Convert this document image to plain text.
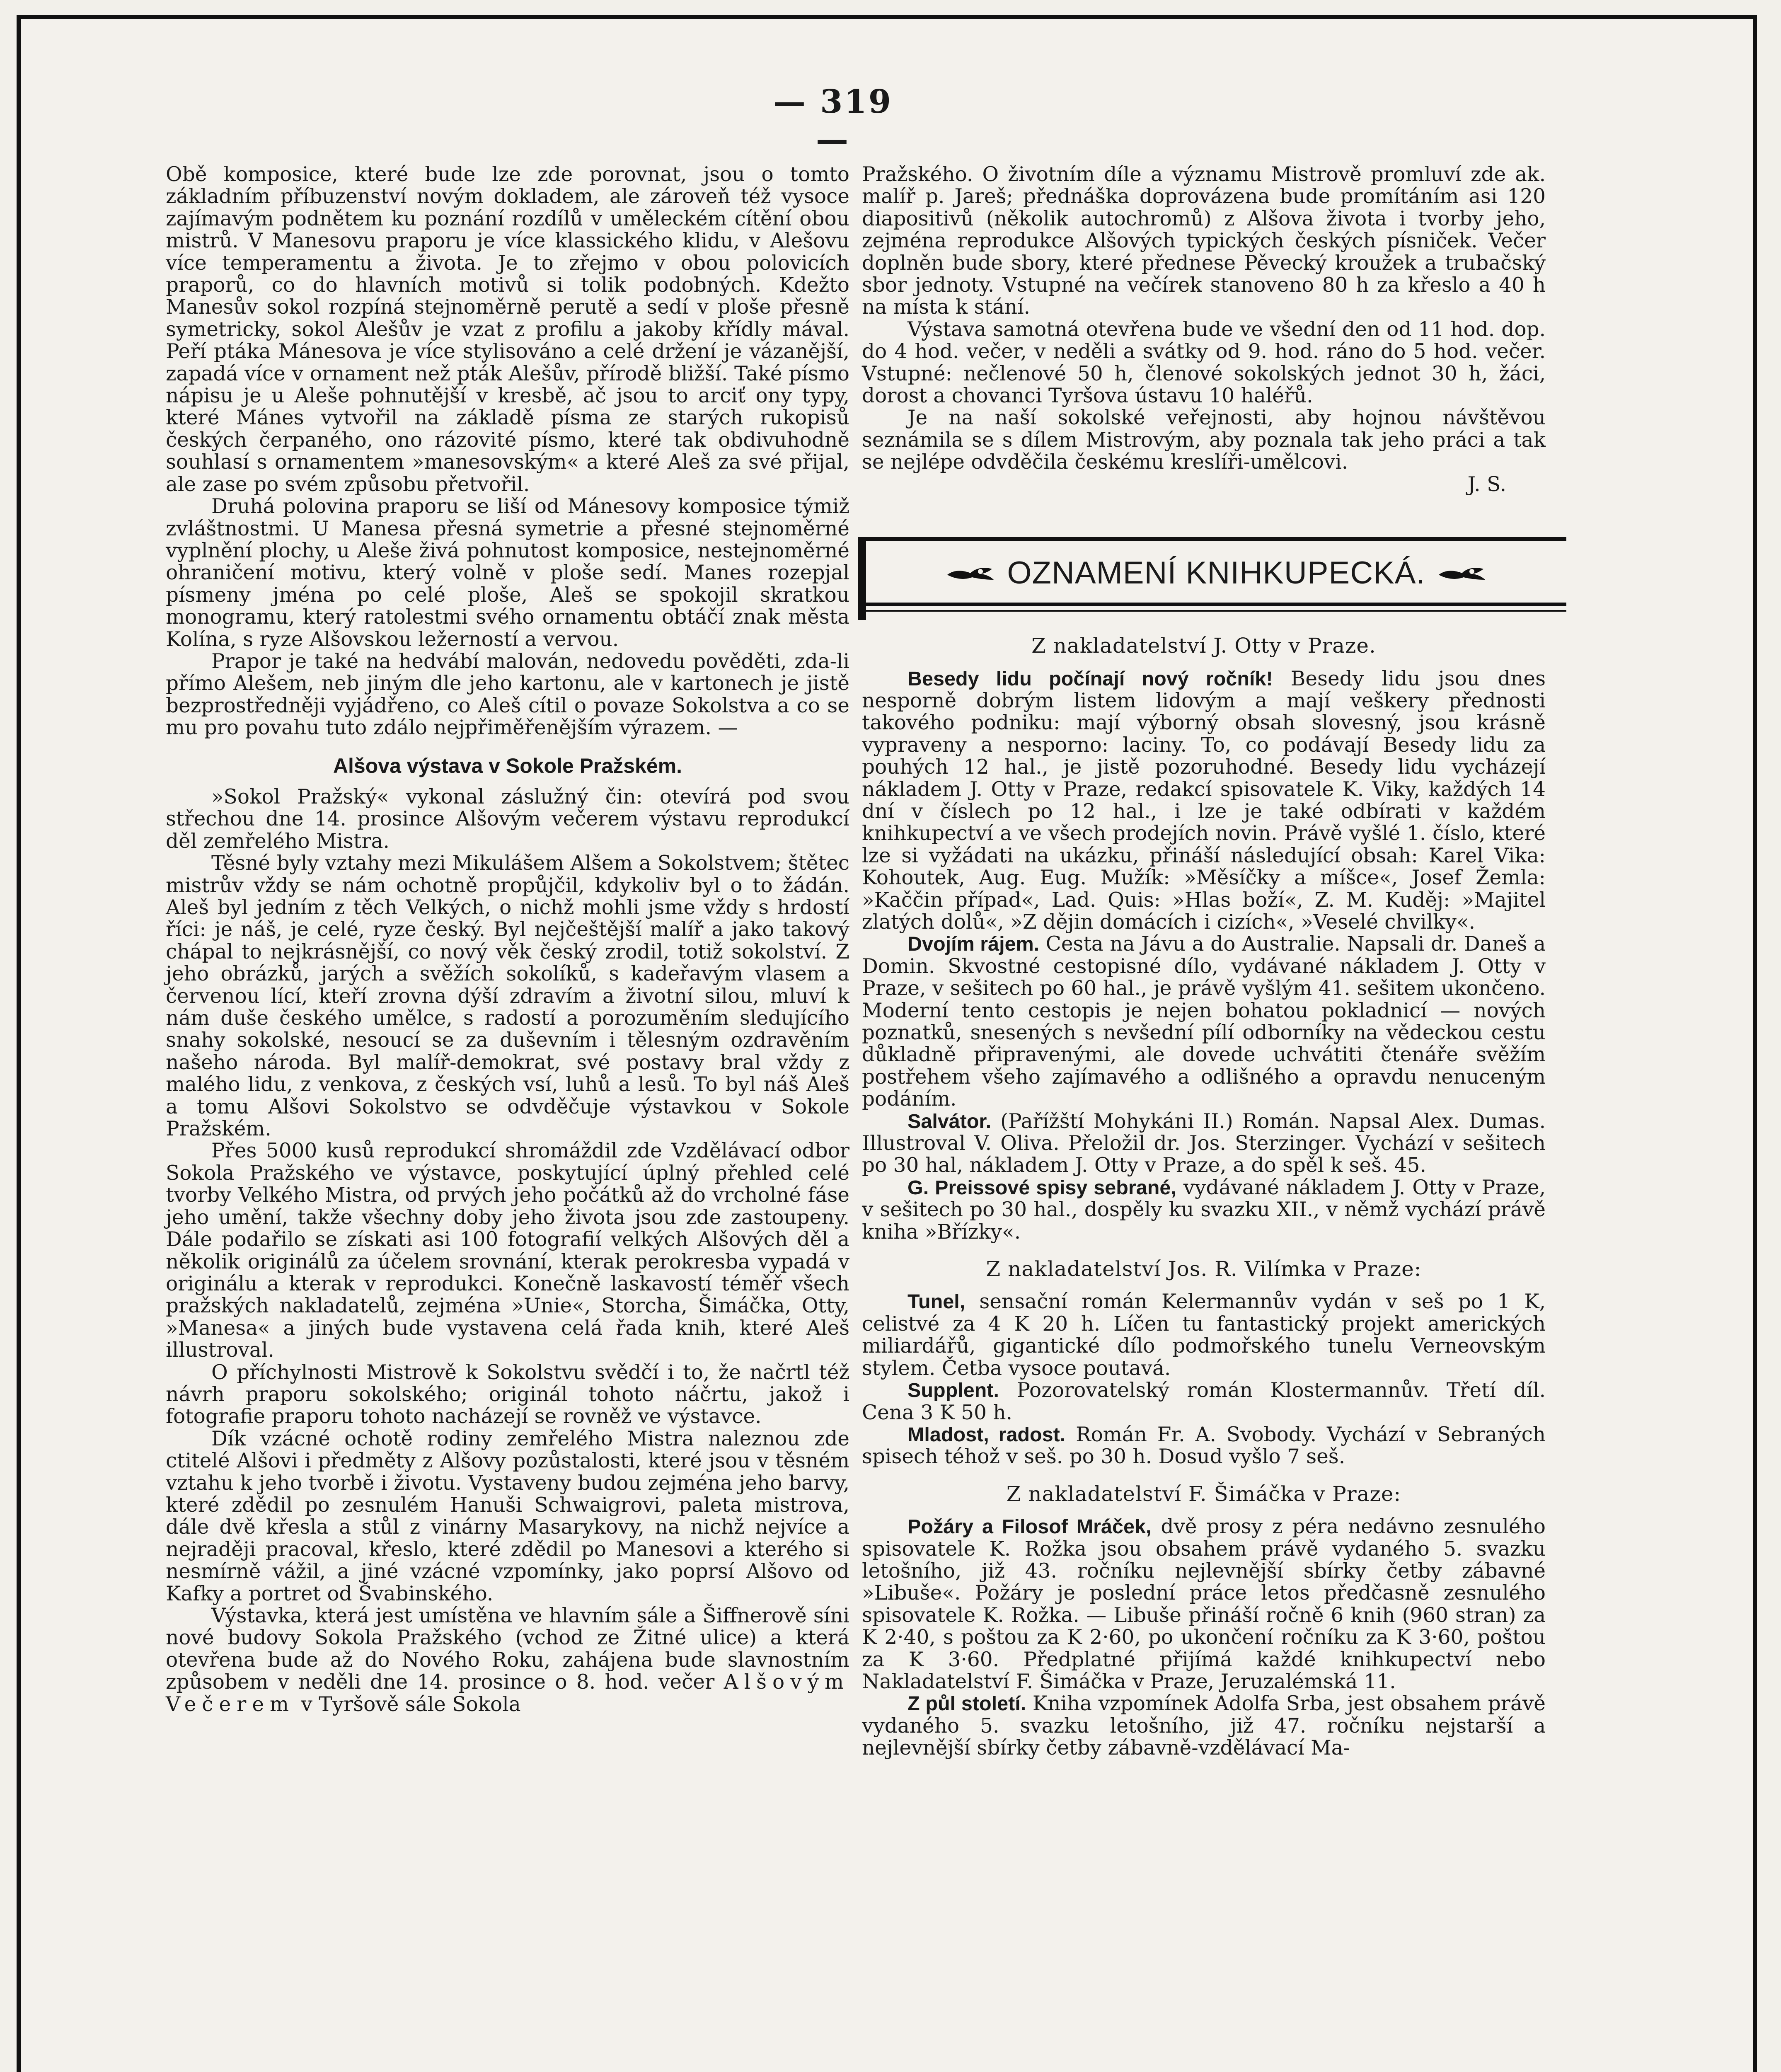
— 319 —

Obě komposice, které bude lze zde porovnat, jsou o tomto základním příbuzenství novým dokladem, ale zároveň též vysoce zajímavým podnětem ku poznání rozdílů v uměleckém cítění obou mistrů. V Manesovu praporu je více klassického klidu, v Alešovu více temperamentu a života. Je to zřejmo v obou polovicích praporů, co do hlavních motivů si tolik podobných. Kdežto Manesův sokol rozpíná stejnoměrně perutě a sedí v ploše přesně symetricky, sokol Alešův je vzat z profilu a jakoby křídly mával. Peří ptáka Mánesova je více stylisováno a celé držení je vázanější, zapadá více v ornament než pták Alešův, přírodě bližší. Také písmo nápisu je u Aleše pohnutější v kresbě, ač jsou to arciť ony typy, které Mánes vytvořil na základě písma ze starých rukopisů českých čerpaného, ono rázovité písmo, které tak obdivuhodně souhlasí s ornamentem »manesovským« a které Aleš za své přijal, ale zase po svém způsobu přetvořil.

Druhá polovina praporu se liší od Mánesovy komposice týmiž zvláštnostmi. U Manesa přesná symetrie a přesné stejnoměrné vyplnění plochy, u Aleše živá pohnutost komposice, nestejnoměrné ohraničení motivu, který volně v ploše sedí. Manes rozepjal písmeny jména po celé ploše, Aleš se spokojil skratkou monogramu, který ratolestmi svého ornamentu obtáčí znak města Kolína, s ryze Alšovskou ležerností a vervou.

Prapor je také na hedvábí malován, nedovedu pověděti, zda-li přímo Alešem, neb jiným dle jeho kartonu, ale v kartonech je jistě bezprostředněji vyjádřeno, co Aleš cítil o povaze Sokolstva a co se mu pro povahu tuto zdálo nejpřiměřenějším výrazem. —

Alšova výstava v Sokole Pražském.

»Sokol Pražský« vykonal záslužný čin: otevírá pod svou střechou dne 14. prosince Alšovým večerem výstavu reprodukcí děl zemřelého Mistra.

Těsné byly vztahy mezi Mikulášem Alšem a Sokolstvem; štětec mistrův vždy se nám ochotně propůjčil, kdykoliv byl o to žádán. Aleš byl jedním z těch Velkých, o nichž mohli jsme vždy s hrdostí říci: je náš, je celé, ryze český. Byl nejčeštější malíř a jako takový chápal to nejkrásnější, co nový věk český zrodil, totiž sokolství. Z jeho obrázků, jarých a svěžích sokolíků, s kadeřavým vlasem a červenou lící, kteří zrovna dýší zdravím a životní silou, mluví k nám duše českého umělce, s radostí a porozuměním sledujícího snahy sokolské, nesoucí se za duševním i tělesným ozdravěním našeho národa. Byl malíř-demokrat, své postavy bral vždy z malého lidu, z venkova, z českých vsí, luhů a lesů. To byl náš Aleš a tomu Alšovi Sokolstvo se odvděčuje výstavkou v Sokole Pražském.

Přes 5000 kusů reprodukcí shromáždil zde Vzdělávací odbor Sokola Pražského ve výstavce, poskytující úplný přehled celé tvorby Velkého Mistra, od prvých jeho počátků až do vrcholné fáse jeho umění, takže všechny doby jeho života jsou zde zastoupeny. Dále podařilo se získati asi 100 fotografií velkých Alšových děl a několik originálů za účelem srovnání, kterak perokresba vypadá v originálu a kterak v reprodukci. Konečně laskavostí téměř všech pražských nakladatelů, zejména »Unie«, Storcha, Šimáčka, Otty, »Manesa« a jiných bude vystavena celá řada knih, které Aleš illustroval.

O příchylnosti Mistrově k Sokolstvu svědčí i to, že načrtl též návrh praporu sokolského; originál tohoto náčrtu, jakož i fotografie praporu tohoto nacházejí se rovněž ve výstavce.

Dík vzácné ochotě rodiny zemřelého Mistra naleznou zde ctitelé Alšovi i předměty z Alšovy pozůstalosti, které jsou v těsném vztahu k jeho tvorbě i životu. Vystaveny budou zejména jeho barvy, které zdědil po zesnulém Hanuši Schwaigrovi, paleta mistrova, dále dvě křesla a stůl z vinárny Masarykovy, na nichž nejvíce a nejraději pracoval, křeslo, které zdědil po Manesovi a kterého si nesmírně vážil, a jiné vzácné vzpomínky, jako poprsí Alšovo od Kafky a portret od Švabinského.

Výstavka, která jest umístěna ve hlavním sále a Šiffnerově síni nové budovy Sokola Pražského (vchod ze Žitné ulice) a která otevřena bude až do Nového Roku, zahájena bude slavnostním způsobem v neděli dne 14. prosince o 8. hod. večer Alšovým Večerem v Tyršově sále Sokola

Pražského. O životním díle a významu Mistrově promluví zde ak. malíř p. Jareš; přednáška doprovázena bude promítáním asi 120 diapositivů (několik autochromů) z Alšova života i tvorby jeho, zejména reprodukce Alšových typických českých písniček. Večer doplněn bude sbory, které přednese Pěvecký kroužek a trubačský sbor jednoty. Vstupné na večírek stanoveno 80 h za křeslo a 40 h na místa k stání.

Výstava samotná otevřena bude ve všední den od 11 hod. dop. do 4 hod. večer, v neděli a svátky od 9. hod. ráno do 5 hod. večer. Vstupné: nečlenové 50 h, členové sokolských jednot 30 h, žáci, dorost a chovanci Tyršova ústavu 10 haléřů.

Je na naší sokolské veřejnosti, aby hojnou návštěvou seznámila se s dílem Mistrovým, aby poznala tak jeho práci a tak se nejlépe odvděčila českému kreslíři-umělcovi.

J. S.

OZNAMENÍ KNIHKUPECKÁ.
Z nakladatelství J. Otty v Praze.

Besedy lidu počínají nový ročník! Besedy lidu jsou dnes nesporně dobrým listem lidovým a mají veškery přednosti takového podniku: mají výborný obsah slovesný, jsou krásně vypraveny a nesporno: laciny. To, co podávají Besedy lidu za pouhých 12 hal., je jistě pozoruhodné. Besedy lidu vycházejí nákladem J. Otty v Praze, redakcí spisovatele K. Viky, každých 14 dní v číslech po 12 hal., i lze je také odbírati v každém knihkupectví a ve všech prodejích novin. Právě vyšlé 1. číslo, které lze si vyžádati na ukázku, přináší následující obsah: Karel Vika: Kohoutek, Aug. Eug. Mužík: »Měsíčky a míšce«, Josef Žemla: »Kaččin případ«, Lad. Quis: »Hlas boží«, Z. M. Kuděj: »Majitel zlatých dolů«, »Z dějin domácích i cizích«, »Veselé chvilky«.

Dvojím rájem. Cesta na Jávu a do Australie. Napsali dr. Daneš a Domin. Skvostné cestopisné dílo, vydávané nákladem J. Otty v Praze, v sešitech po 60 hal., je právě vyšlým 41. sešitem ukončeno. Moderní tento cestopis je nejen bohatou pokladnicí — nových poznatků, snesených s nevšední pílí odborníky na vědeckou cestu důkladně připravenými, ale dovede uchvátiti čtenáře svěžím postřehem všeho zajímavého a odlišného a opravdu nenuceným podáním.

Salvátor. (Pařížští Mohykáni II.) Román. Napsal Alex. Dumas. Illustroval V. Oliva. Přeložil dr. Jos. Sterzinger. Vychází v sešitech po 30 hal, nákladem J. Otty v Praze, a do spěl k seš. 45.

G. Preissové spisy sebrané, vydávané nákladem J. Otty v Praze, v sešitech po 30 hal., dospěly ku svazku XII., v němž vychází právě kniha »Břízky«.

Z nakladatelství Jos. R. Vilímka v Praze:

Tunel, sensační román Kelermannův vydán v seš po 1 K, celistvé za 4 K 20 h. Líčen tu fantastický projekt amerických miliardářů, gigantické dílo podmořského tunelu Verneovským stylem. Četba vysoce poutavá.

Supplent. Pozorovatelský román Klostermannův. Třetí díl. Cena 3 K 50 h.

Mladost, radost. Román Fr. A. Svobody. Vychází v Sebraných spisech téhož v seš. po 30 h. Dosud vyšlo 7 seš.

Z nakladatelství F. Šimáčka v Praze:

Požáry a Filosof Mráček, dvě prosy z péra nedávno zesnulého spisovatele K. Rožka jsou obsahem právě vydaného 5. svazku letošního, již 43. ročníku nejlevnější sbírky četby zábavné »Libuše«. Požáry je poslední práce letos předčasně zesnulého spisovatele K. Rožka. — Libuše přináší ročně 6 knih (960 stran) za K 2·40, s poštou za K 2·60, po ukončení ročníku za K 3·60, poštou za K 3·60. Předplatné přijímá každé knihkupectví nebo Nakladatelství F. Šimáčka v Praze, Jeruzalémská 11.

Z půl století. Kniha vzpomínek Adolfa Srba, jest obsahem právě vydaného 5. svazku letošního, již 47. ročníku nejstarší a nejlevnější sbírky četby zábavně-vzdělávací Ma-
